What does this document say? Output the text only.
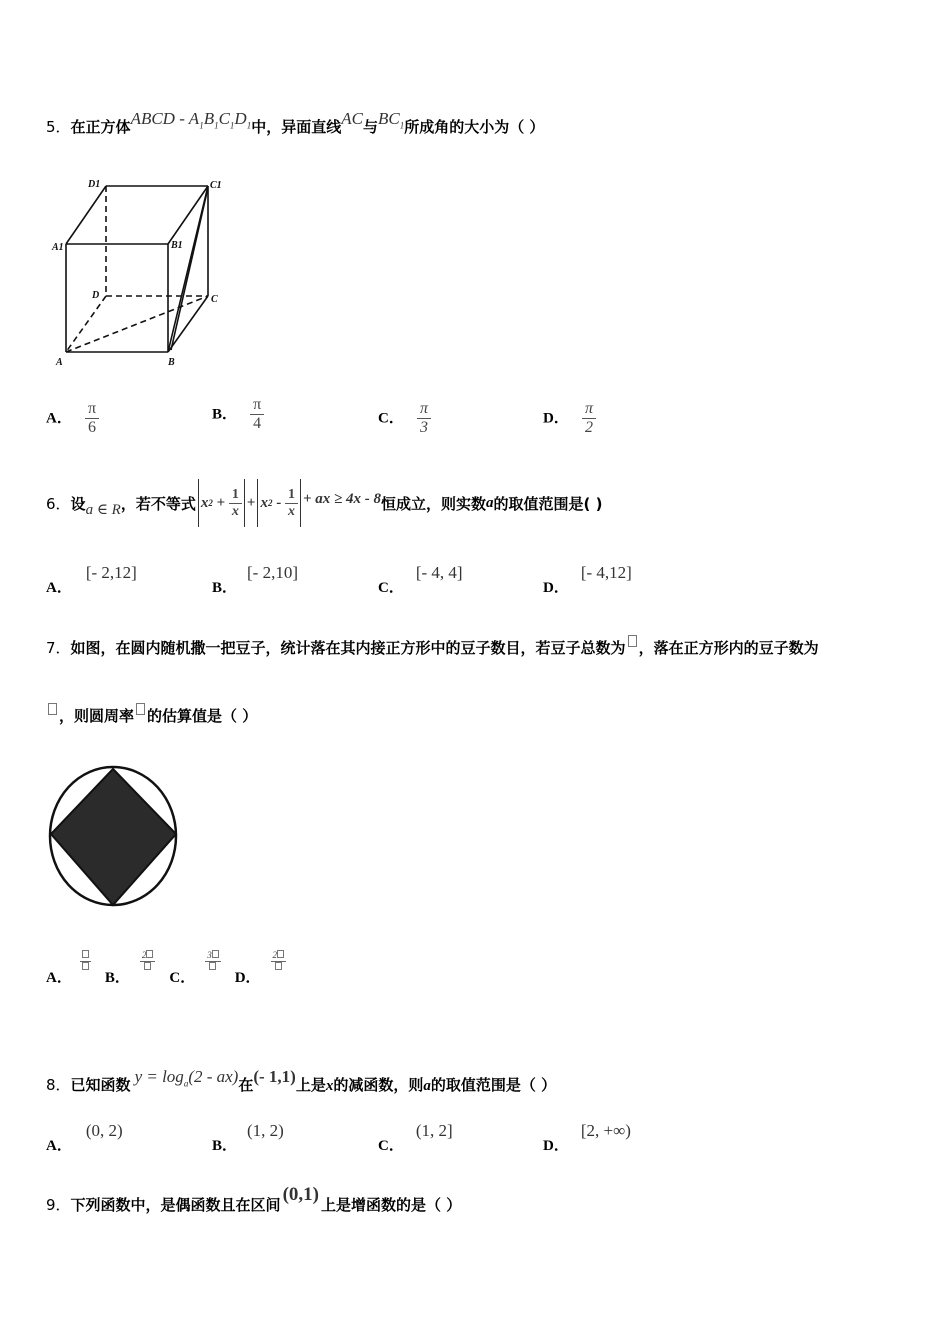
5．在正方体ABCD - $A_1B_1C_1D_1$中，异面直线AC与$BC_1$所成角的大小为（ ）
D1	C1
A1	B1
D	C
A	B
A． $\frac{\pi}{6}$	B． $\frac{\pi}{4}$	C． $\frac{\pi}{3}$	D． $\frac{\pi}{2}$
6． 设 a ∈ R ，若不等式 x 2
+
$\frac{1}{x} + x$ 2
-
$\frac{1}{x}$ + ax ≥ 4x - 8 恒成立，则实数 a 的取值范围是( )
A．[- 2,12]
B．[- 2,10]
C．[- 4, 4]
D．[- 4,12]
7．如图，在圆内随机撒一把豆子，统计落在其内接正方形中的豆子数目，若豆子总数为 ，落在正方形内的豆子数为
，则圆周率 的估算值是（ ）
A． B．
2
C．
3
D．
2
8．已知函数 $y = \log_a(2 - ax)$在(- 1,1)上是x的减函数，则a的取值范围是（ ）
A．(0, 2)
B．(1, 2)
C．(1, 2]
D．[2, +∞)
9．下列函数中，是偶函数且在区间 (0,1) 上是增函数的是（ ）
